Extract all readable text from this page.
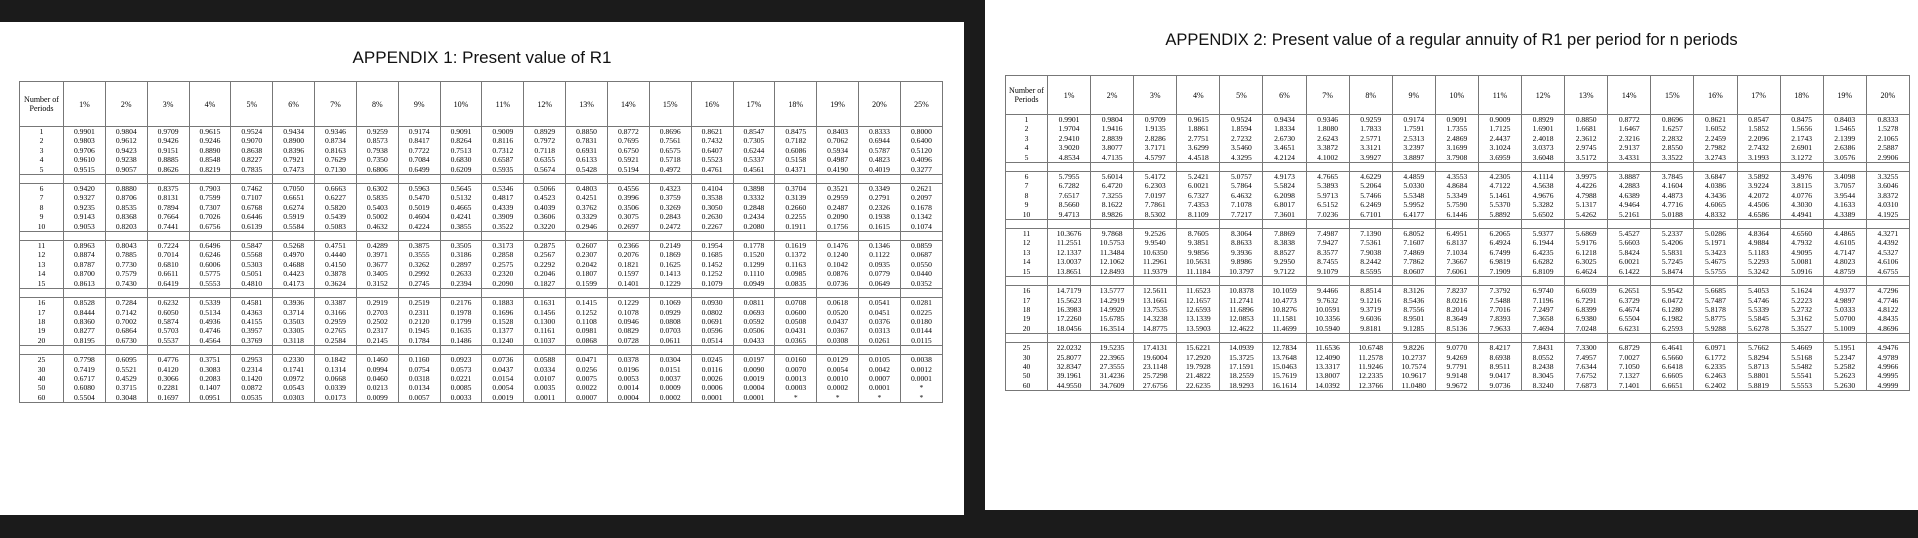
APPENDIX 1: Present value of R1
Number of Periods	1%	2%	3%	4%	5%	6%	7%	8%	9%	10%	11%	12%	13%	14%	15%	16%	17%	18%	19%	20%	25%
1	0.9901	0.9804	0.9709	0.9615	0.9524	0.9434	0.9346	0.9259	0.9174	0.9091	0.9009	0.8929	0.8850	0.8772	0.8696	0.8621	0.8547	0.8475	0.8403	0.8333	0.8000
2	0.9803	0.9612	0.9426	0.9246	0.9070	0.8900	0.8734	0.8573	0.8417	0.8264	0.8116	0.7972	0.7831	0.7695	0.7561	0.7432	0.7305	0.7182	0.7062	0.6944	0.6400
3	0.9706	0.9423	0.9151	0.8890	0.8638	0.8396	0.8163	0.7938	0.7722	0.7513	0.7312	0.7118	0.6931	0.6750	0.6575	0.6407	0.6244	0.6086	0.5934	0.5787	0.5120
4	0.9610	0.9238	0.8885	0.8548	0.8227	0.7921	0.7629	0.7350	0.7084	0.6830	0.6587	0.6355	0.6133	0.5921	0.5718	0.5523	0.5337	0.5158	0.4987	0.4823	0.4096
5	0.9515	0.9057	0.8626	0.8219	0.7835	0.7473	0.7130	0.6806	0.6499	0.6209	0.5935	0.5674	0.5428	0.5194	0.4972	0.4761	0.4561	0.4371	0.4190	0.4019	0.3277

6	0.9420	0.8880	0.8375	0.7903	0.7462	0.7050	0.6663	0.6302	0.5963	0.5645	0.5346	0.5066	0.4803	0.4556	0.4323	0.4104	0.3898	0.3704	0.3521	0.3349	0.2621
7	0.9327	0.8706	0.8131	0.7599	0.7107	0.6651	0.6227	0.5835	0.5470	0.5132	0.4817	0.4523	0.4251	0.3996	0.3759	0.3538	0.3332	0.3139	0.2959	0.2791	0.2097
8	0.9235	0.8535	0.7894	0.7307	0.6768	0.6274	0.5820	0.5403	0.5019	0.4665	0.4339	0.4039	0.3762	0.3506	0.3269	0.3050	0.2848	0.2660	0.2487	0.2326	0.1678
9	0.9143	0.8368	0.7664	0.7026	0.6446	0.5919	0.5439	0.5002	0.4604	0.4241	0.3909	0.3606	0.3329	0.3075	0.2843	0.2630	0.2434	0.2255	0.2090	0.1938	0.1342
10	0.9053	0.8203	0.7441	0.6756	0.6139	0.5584	0.5083	0.4632	0.4224	0.3855	0.3522	0.3220	0.2946	0.2697	0.2472	0.2267	0.2080	0.1911	0.1756	0.1615	0.1074

11	0.8963	0.8043	0.7224	0.6496	0.5847	0.5268	0.4751	0.4289	0.3875	0.3505	0.3173	0.2875	0.2607	0.2366	0.2149	0.1954	0.1778	0.1619	0.1476	0.1346	0.0859
12	0.8874	0.7885	0.7014	0.6246	0.5568	0.4970	0.4440	0.3971	0.3555	0.3186	0.2858	0.2567	0.2307	0.2076	0.1869	0.1685	0.1520	0.1372	0.1240	0.1122	0.0687
13	0.8787	0.7730	0.6810	0.6006	0.5303	0.4688	0.4150	0.3677	0.3262	0.2897	0.2575	0.2292	0.2042	0.1821	0.1625	0.1452	0.1299	0.1163	0.1042	0.0935	0.0550
14	0.8700	0.7579	0.6611	0.5775	0.5051	0.4423	0.3878	0.3405	0.2992	0.2633	0.2320	0.2046	0.1807	0.1597	0.1413	0.1252	0.1110	0.0985	0.0876	0.0779	0.0440
15	0.8613	0.7430	0.6419	0.5553	0.4810	0.4173	0.3624	0.3152	0.2745	0.2394	0.2090	0.1827	0.1599	0.1401	0.1229	0.1079	0.0949	0.0835	0.0736	0.0649	0.0352

16	0.8528	0.7284	0.6232	0.5339	0.4581	0.3936	0.3387	0.2919	0.2519	0.2176	0.1883	0.1631	0.1415	0.1229	0.1069	0.0930	0.0811	0.0708	0.0618	0.0541	0.0281
17	0.8444	0.7142	0.6050	0.5134	0.4363	0.3714	0.3166	0.2703	0.2311	0.1978	0.1696	0.1456	0.1252	0.1078	0.0929	0.0802	0.0693	0.0600	0.0520	0.0451	0.0225
18	0.8360	0.7002	0.5874	0.4936	0.4155	0.3503	0.2959	0.2502	0.2120	0.1799	0.1528	0.1300	0.1108	0.0946	0.0808	0.0691	0.0592	0.0508	0.0437	0.0376	0.0180
19	0.8277	0.6864	0.5703	0.4746	0.3957	0.3305	0.2765	0.2317	0.1945	0.1635	0.1377	0.1161	0.0981	0.0829	0.0703	0.0596	0.0506	0.0431	0.0367	0.0313	0.0144
20	0.8195	0.6730	0.5537	0.4564	0.3769	0.3118	0.2584	0.2145	0.1784	0.1486	0.1240	0.1037	0.0868	0.0728	0.0611	0.0514	0.0433	0.0365	0.0308	0.0261	0.0115

25	0.7798	0.6095	0.4776	0.3751	0.2953	0.2330	0.1842	0.1460	0.1160	0.0923	0.0736	0.0588	0.0471	0.0378	0.0304	0.0245	0.0197	0.0160	0.0129	0.0105	0.0038
30	0.7419	0.5521	0.4120	0.3083	0.2314	0.1741	0.1314	0.0994	0.0754	0.0573	0.0437	0.0334	0.0256	0.0196	0.0151	0.0116	0.0090	0.0070	0.0054	0.0042	0.0012
40	0.6717	0.4529	0.3066	0.2083	0.1420	0.0972	0.0668	0.0460	0.0318	0.0221	0.0154	0.0107	0.0075	0.0053	0.0037	0.0026	0.0019	0.0013	0.0010	0.0007	0.0001
50	0.6080	0.3715	0.2281	0.1407	0.0872	0.0543	0.0339	0.0213	0.0134	0.0085	0.0054	0.0035	0.0022	0.0014	0.0009	0.0006	0.0004	0.0003	0.0002	0.0001	*
60	0.5504	0.3048	0.1697	0.0951	0.0535	0.0303	0.0173	0.0099	0.0057	0.0033	0.0019	0.0011	0.0007	0.0004	0.0002	0.0001	0.0001	*	*	*	*
APPENDIX 2: Present value of a regular annuity of R1 per period for n periods
Number of Periods	1%	2%	3%	4%	5%	6%	7%	8%	9%	10%	11%	12%	13%	14%	15%	16%	17%	18%	19%	20%
1	0.9901	0.9804	0.9709	0.9615	0.9524	0.9434	0.9346	0.9259	0.9174	0.9091	0.9009	0.8929	0.8850	0.8772	0.8696	0.8621	0.8547	0.8475	0.8403	0.8333
2	1.9704	1.9416	1.9135	1.8861	1.8594	1.8334	1.8080	1.7833	1.7591	1.7355	1.7125	1.6901	1.6681	1.6467	1.6257	1.6052	1.5852	1.5656	1.5465	1.5278
3	2.9410	2.8839	2.8286	2.7751	2.7232	2.6730	2.6243	2.5771	2.5313	2.4869	2.4437	2.4018	2.3612	2.3216	2.2832	2.2459	2.2096	2.1743	2.1399	2.1065
4	3.9020	3.8077	3.7171	3.6299	3.5460	3.4651	3.3872	3.3121	3.2397	3.1699	3.1024	3.0373	2.9745	2.9137	2.8550	2.7982	2.7432	2.6901	2.6386	2.5887
5	4.8534	4.7135	4.5797	4.4518	4.3295	4.2124	4.1002	3.9927	3.8897	3.7908	3.6959	3.6048	3.5172	3.4331	3.3522	3.2743	3.1993	3.1272	3.0576	2.9906

6	5.7955	5.6014	5.4172	5.2421	5.0757	4.9173	4.7665	4.6229	4.4859	4.3553	4.2305	4.1114	3.9975	3.8887	3.7845	3.6847	3.5892	3.4976	3.4098	3.3255
7	6.7282	6.4720	6.2303	6.0021	5.7864	5.5824	5.3893	5.2064	5.0330	4.8684	4.7122	4.5638	4.4226	4.2883	4.1604	4.0386	3.9224	3.8115	3.7057	3.6046
8	7.6517	7.3255	7.0197	6.7327	6.4632	6.2098	5.9713	5.7466	5.5348	5.3349	5.1461	4.9676	4.7988	4.6389	4.4873	4.3436	4.2072	4.0776	3.9544	3.8372
9	8.5660	8.1622	7.7861	7.4353	7.1078	6.8017	6.5152	6.2469	5.9952	5.7590	5.5370	5.3282	5.1317	4.9464	4.7716	4.6065	4.4506	4.3030	4.1633	4.0310
10	9.4713	8.9826	8.5302	8.1109	7.7217	7.3601	7.0236	6.7101	6.4177	6.1446	5.8892	5.6502	5.4262	5.2161	5.0188	4.8332	4.6586	4.4941	4.3389	4.1925

11	10.3676	9.7868	9.2526	8.7605	8.3064	7.8869	7.4987	7.1390	6.8052	6.4951	6.2065	5.9377	5.6869	5.4527	5.2337	5.0286	4.8364	4.6560	4.4865	4.3271
12	11.2551	10.5753	9.9540	9.3851	8.8633	8.3838	7.9427	7.5361	7.1607	6.8137	6.4924	6.1944	5.9176	5.6603	5.4206	5.1971	4.9884	4.7932	4.6105	4.4392
13	12.1337	11.3484	10.6350	9.9856	9.3936	8.8527	8.3577	7.9038	7.4869	7.1034	6.7499	6.4235	6.1218	5.8424	5.5831	5.3423	5.1183	4.9095	4.7147	4.5327
14	13.0037	12.1062	11.2961	10.5631	9.8986	9.2950	8.7455	8.2442	7.7862	7.3667	6.9819	6.6282	6.3025	6.0021	5.7245	5.4675	5.2293	5.0081	4.8023	4.6106
15	13.8651	12.8493	11.9379	11.1184	10.3797	9.7122	9.1079	8.5595	8.0607	7.6061	7.1909	6.8109	6.4624	6.1422	5.8474	5.5755	5.3242	5.0916	4.8759	4.6755

16	14.7179	13.5777	12.5611	11.6523	10.8378	10.1059	9.4466	8.8514	8.3126	7.8237	7.3792	6.9740	6.6039	6.2651	5.9542	5.6685	5.4053	5.1624	4.9377	4.7296
17	15.5623	14.2919	13.1661	12.1657	11.2741	10.4773	9.7632	9.1216	8.5436	8.0216	7.5488	7.1196	6.7291	6.3729	6.0472	5.7487	5.4746	5.2223	4.9897	4.7746
18	16.3983	14.9920	13.7535	12.6593	11.6896	10.8276	10.0591	9.3719	8.7556	8.2014	7.7016	7.2497	6.8399	6.4674	6.1280	5.8178	5.5339	5.2732	5.0333	4.8122
19	17.2260	15.6785	14.3238	13.1339	12.0853	11.1581	10.3356	9.6036	8.9501	8.3649	7.8393	7.3658	6.9380	6.5504	6.1982	5.8775	5.5845	5.3162	5.0700	4.8435
20	18.0456	16.3514	14.8775	13.5903	12.4622	11.4699	10.5940	9.8181	9.1285	8.5136	7.9633	7.4694	7.0248	6.6231	6.2593	5.9288	5.6278	5.3527	5.1009	4.8696

25	22.0232	19.5235	17.4131	15.6221	14.0939	12.7834	11.6536	10.6748	9.8226	9.0770	8.4217	7.8431	7.3300	6.8729	6.4641	6.0971	5.7662	5.4669	5.1951	4.9476
30	25.8077	22.3965	19.6004	17.2920	15.3725	13.7648	12.4090	11.2578	10.2737	9.4269	8.6938	8.0552	7.4957	7.0027	6.5660	6.1772	5.8294	5.5168	5.2347	4.9789
40	32.8347	27.3555	23.1148	19.7928	17.1591	15.0463	13.3317	11.9246	10.7574	9.7791	8.9511	8.2438	7.6344	7.1050	6.6418	6.2335	5.8713	5.5482	5.2582	4.9966
50	39.1961	31.4236	25.7298	21.4822	18.2559	15.7619	13.8007	12.2335	10.9617	9.9148	9.0417	8.3045	7.6752	7.1327	6.6605	6.2463	5.8801	5.5541	5.2623	4.9995
60	44.9550	34.7609	27.6756	22.6235	18.9293	16.1614	14.0392	12.3766	11.0480	9.9672	9.0736	8.3240	7.6873	7.1401	6.6651	6.2402	5.8819	5.5553	5.2630	4.9999
